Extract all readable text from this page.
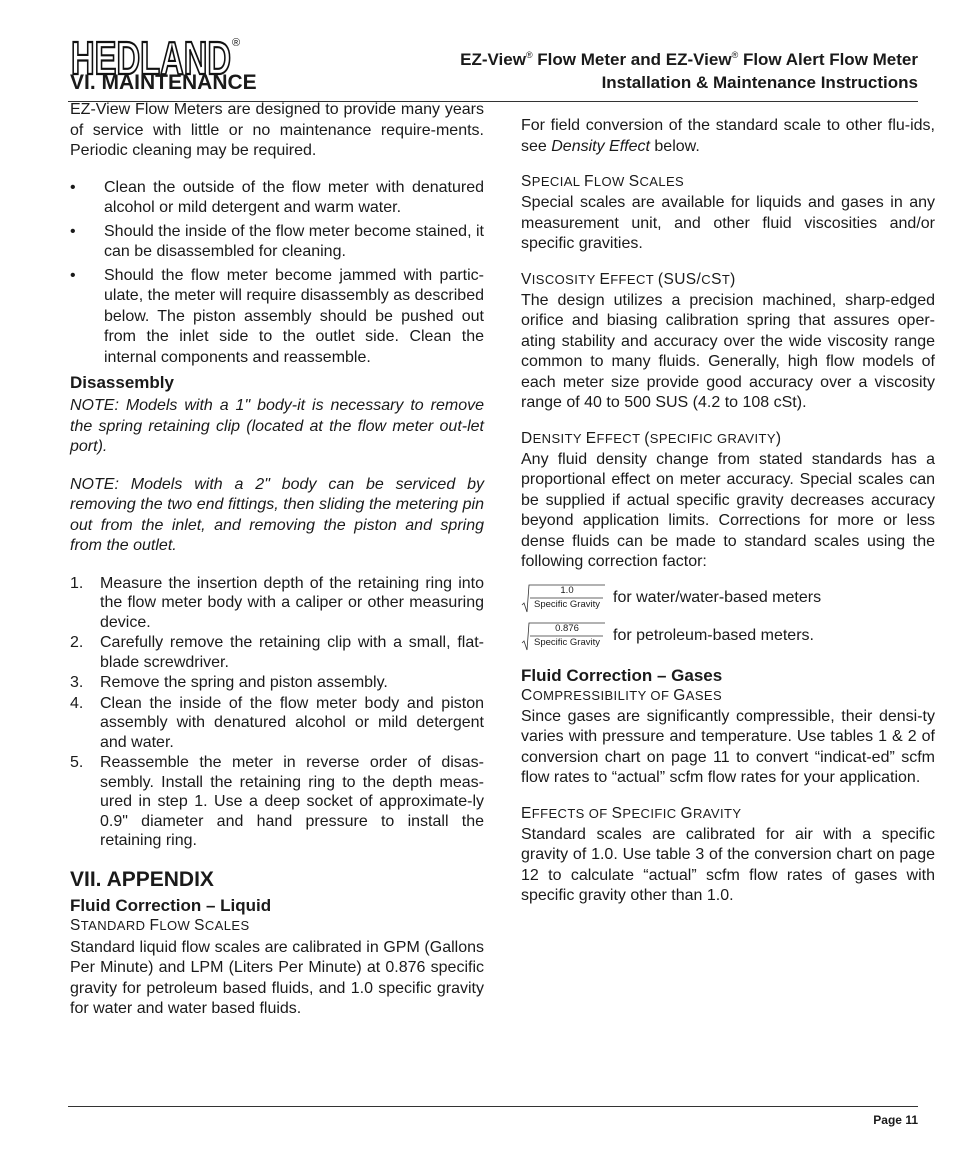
HEDLAND ®
EZ-View® Flow Meter and EZ-View® Flow Alert Flow Meter
Installation & Maintenance Instructions
VI. MAINTENANCE

EZ-View Flow Meters are designed to provide many years of service with little or no maintenance require-ments. Periodic cleaning may be required.

• Clean the outside of the flow meter with denatured alcohol or mild detergent and warm water.
• Should the inside of the flow meter become stained, it can be disassembled for cleaning.
• Should the flow meter become jammed with partic-ulate, the meter will require disassembly as described below. The piston assembly should be pushed out from the inlet side to the outlet side. Clean the internal components and reassemble.
Disassembly

NOTE: Models with a 1" body-it is necessary to remove the spring retaining clip (located at the flow meter out-let port).

NOTE: Models with a 2" body can be serviced by removing the two end fittings, then sliding the metering pin out from the inlet, and removing the piston and spring from the outlet.

1. Measure the insertion depth of the retaining ring into the flow meter body with a caliper or other measuring device.
2. Carefully remove the retaining clip with a small, flat-blade screwdriver.
3. Remove the spring and piston assembly.
4. Clean the inside of the flow meter body and piston assembly with denatured alcohol or mild detergent and water.
5. Reassemble the meter in reverse order of disas-sembly. Install the retaining ring to the depth meas-ured in step 1. Use a deep socket of approximate-ly 0.9" diameter and hand pressure to install the retaining ring.
VII. APPENDIX
Fluid Correction – Liquid
STANDARD FLOW SCALES

Standard liquid flow scales are calibrated in GPM (Gallons Per Minute) and LPM (Liters Per Minute) at 0.876 specific gravity for petroleum based fluids, and 1.0 specific gravity for water and water based fluids.

For field conversion of the standard scale to other flu-ids, see Density Effect below.

SPECIAL FLOW SCALES

Special scales are available for liquids and gases in any measurement unit, and other fluid viscosities and/or specific gravities.

VISCOSITY EFFECT (SUS/CST)

The design utilizes a precision machined, sharp-edged orifice and biasing calibration spring that assures oper-ating stability and accuracy over the wide viscosity range common to many fluids. Generally, high flow models of each meter size provide good accuracy over a viscosity range of 40 to 500 SUS (4.2 to 108 cSt).

DENSITY EFFECT (SPECIFIC GRAVITY)

Any fluid density change from stated standards has a proportional effect on meter accuracy. Special scales can be supplied if actual specific gravity decreases accuracy beyond application limits. Corrections for more or less dense fluids can be made to standard scales using the following correction factor:

1.0
Specific Gravity for water/water-based meters
0.876
Specific Gravity for petroleum-based meters.
Fluid Correction – Gases
COMPRESSIBILITY OF GASES

Since gases are significantly compressible, their densi-ty varies with pressure and temperature. Use tables 1 & 2 of conversion chart on page 11 to convert “indicat-ed” scfm flow rates to “actual” scfm flow rates for your application.

EFFECTS OF SPECIFIC GRAVITY

Standard scales are calibrated for air with a specific gravity of 1.0. Use table 3 of the conversion chart on page 12 to calculate “actual” scfm flow rates of gases with specific gravity other than 1.0.

Page 11
